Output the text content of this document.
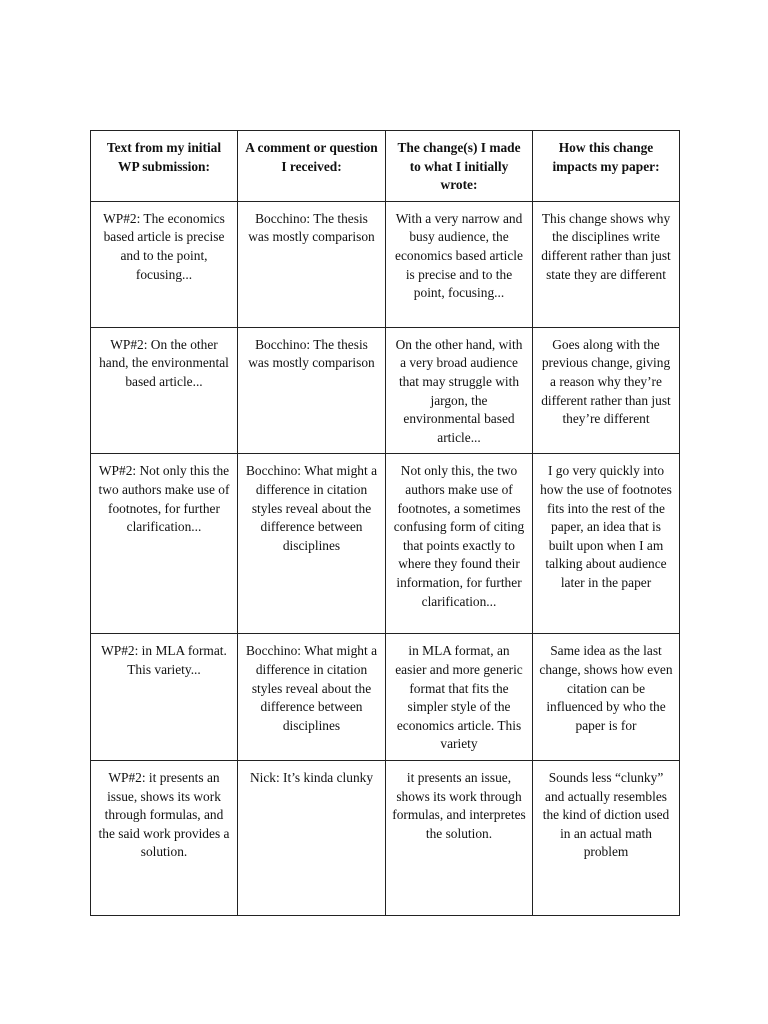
Text from my initial WP submission:	A comment or question I received:	The change(s) I made to what I initially wrote:	How this change impacts my paper:
WP#2: The economics based article is precise and to the point, focusing...	Bocchino: The thesis was mostly comparison	With a very narrow and busy audience, the economics based article is precise and to the point, focusing...	This change shows why the disciplines write different rather than just state they are different
WP#2: On the other hand, the environmental based article...	Bocchino: The thesis was mostly comparison	On the other hand, with a very broad audience that may struggle with jargon, the environmental based article...	Goes along with the previous change, giving a reason why they’re different rather than just they’re different
WP#2: Not only this the two authors make use of footnotes, for further clarification...	Bocchino: What might a difference in citation styles reveal about the difference between disciplines	Not only this, the two authors make use of footnotes, a sometimes confusing form of citing that points exactly to where they found their information, for further clarification...	I go very quickly into how the use of footnotes fits into the rest of the paper, an idea that is built upon when I am talking about audience later in the paper
WP#2: in MLA format. This variety...	Bocchino: What might a difference in citation styles reveal about the difference between disciplines	in MLA format, an easier and more generic format that fits the simpler style of the economics article. This variety	Same idea as the last change, shows how even citation can be influenced by who the paper is for
WP#2: it presents an issue, shows its work through formulas, and the said work provides a solution.	Nick: It’s kinda clunky	it presents an issue, shows its work through formulas, and interpretes the solution.	Sounds less “clunky” and actually resembles the kind of diction used in an actual math problem
